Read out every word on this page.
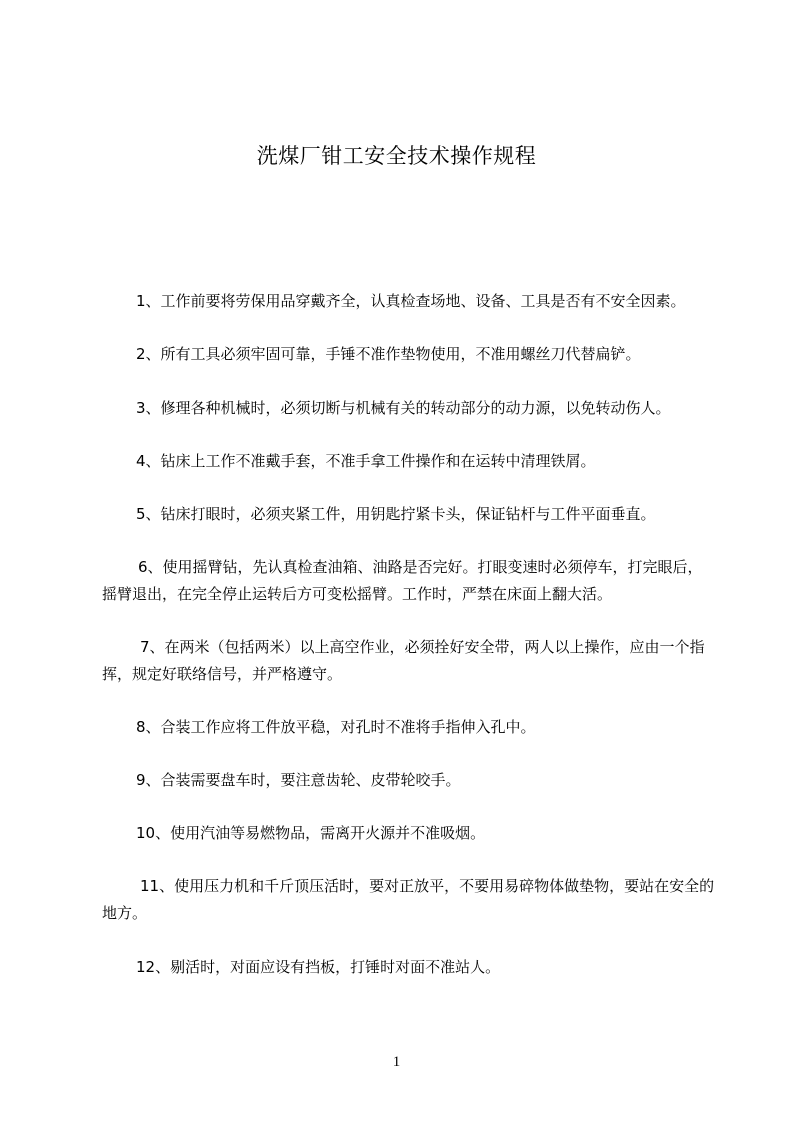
洗煤厂钳工安全技术操作规程

1、工作前要将劳保用品穿戴齐全，认真检查场地、设备、工具是否有不安全因素。

2、所有工具必须牢固可靠，手锤不准作垫物使用，不准用螺丝刀代替扁铲。

3、修理各种机械时，必须切断与机械有关的转动部分的动力源，以免转动伤人。

4、钻床上工作不准戴手套，不准手拿工件操作和在运转中清理铁屑。

5、钻床打眼时，必须夹紧工件，用钥匙拧紧卡头，保证钻杆与工件平面垂直。

6、使用摇臂钻，先认真检查油箱、油路是否完好。打眼变速时必须停车，打完眼后，摇臂退出，在完全停止运转后方可变松摇臂。工作时，严禁在床面上翻大活。

7、在两米（包括两米）以上高空作业，必须拴好安全带，两人以上操作，应由一个指挥，规定好联络信号，并严格遵守。

8、合装工作应将工件放平稳，对孔时不准将手指伸入孔中。

9、合装需要盘车时，要注意齿轮、皮带轮咬手。

10、使用汽油等易燃物品，需离开火源并不准吸烟。

11、使用压力机和千斤顶压活时，要对正放平，不要用易碎物体做垫物，要站在安全的地方。

12、剔活时，对面应设有挡板，打锤时对面不准站人。

1
